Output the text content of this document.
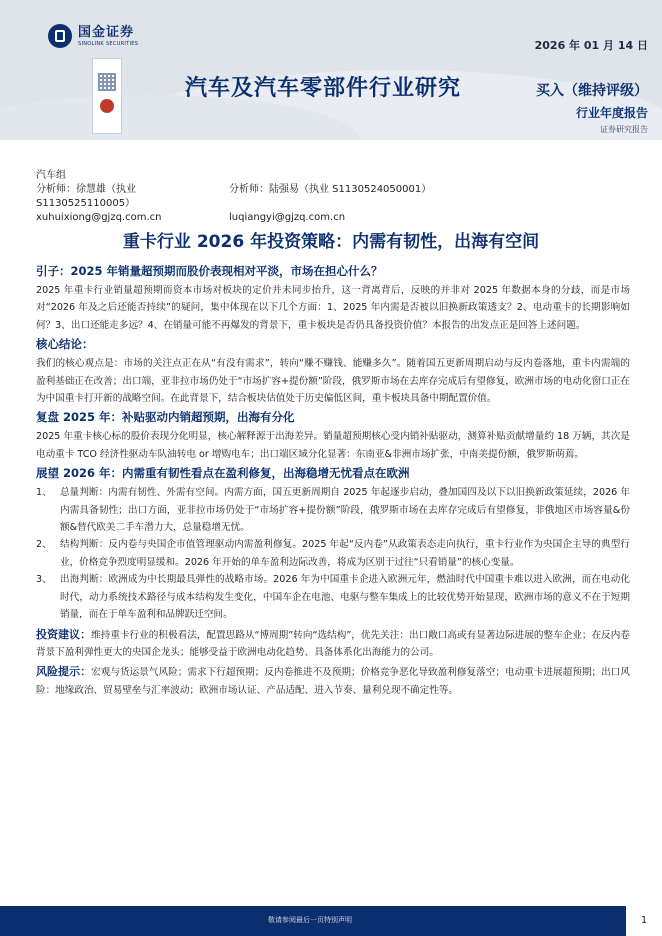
国金证券
SINOLINK SECURITIES
汽车及汽车零部件行业研究
2026 年 01 月 14 日
买入（维持评级）
行业年度报告
证券研究报告
汽车组
分析师：徐慧雄（执业 S1130525110005）
分析师：陆强易（执业 S1130524050001）
xuhuixiong@gjzq.com.cn	luqiangyi@gjzq.com.cn
重卡行业 2026 年投资策略：内需有韧性，出海有空间
引子：2025 年销量超预期而股价表现相对平淡，市场在担心什么？
2025 年重卡行业销量超预期而资本市场对板块的定价并未同步抬升，这一背离背后，反映的并非对 2025 年数据本身的分歧，而是市场对“2026 年及之后还能否持续”的疑问，集中体现在以下几个方面：1、2025 年内需是否被以旧换新政策透支？2、电动重卡的长期影响如何？3、出口还能走多远？4、在销量可能不再爆发的背景下，重卡板块是否仍具备投资价值？本报告的出发点正是回答上述问题。
核心结论：
我们的核心观点是：市场的关注点正在从“有没有需求”，转向“赚不赚钱、能赚多久”。随着国五更新周期启动与反内卷落地，重卡内需端的盈利基础正在改善；出口端，亚非拉市场仍处于“市场扩容+提份额”阶段，俄罗斯市场在去库存完成后有望修复，欧洲市场的电动化窗口正在为中国重卡打开新的战略空间。在此背景下，结合板块估值处于历史偏低区间，重卡板块具备中期配置价值。
复盘 2025 年：补贴驱动内销超预期，出海有分化
2025 年重卡核心标的股价表现分化明显，核心解释源于出海差异。销量超预期核心受内销补贴驱动，测算补贴贡献增量约 18 万辆，其次是电动重卡 TCO 经济性驱动车队油转电 or 增购电车；出口端区域分化显著：东南亚&非洲市场扩张，中南美提份额，俄罗斯萌蔫。
展望 2026 年：内需重有韧性看点在盈利修复，出海稳增无忧看点在欧洲
1、 总量判断：内需有韧性、外需有空间。内需方面，国五更新周期自 2025 年起逐步启动，叠加国四及以下以旧换新政策延续，2026 年内需具备韧性；出口方面，亚非拉市场仍处于“市场扩容+提份额”阶段，俄罗斯市场在去库存完成后有望修复，非俄地区市场容量&份额&替代欧美二手车潜力大，总量稳增无忧。
2、 结构判断：反内卷与央国企市值管理驱动内需盈利修复。2025 年起“反内卷”从政策表态走向执行，重卡行业作为央国企主导的典型行业，价格竞争烈度明显缓和。2026 年开始的单车盈利边际改善，将成为区别于过往“只看销量”的核心变量。
3、 出海判断：欧洲成为中长期最具弹性的战略市场。2026 年为中国重卡企进入欧洲元年，燃油时代中国重卡难以进入欧洲，而在电动化时代，动力系统技术路径与成本结构发生变化，中国车企在电池、电驱与整车集成上的比较优势开始显现，欧洲市场的意义不在于短期销量，而在于单车盈利和品牌跃迁空间。
投资建议：维持重卡行业的积极看法，配置思路从“博周期”转向“选结构”，优先关注：出口敞口高或有显著边际进展的整车企业；在反内卷背景下盈利弹性更大的央国企龙头；能够受益于欧洲电动化趋势、具备体系化出海能力的公司。
风险提示：宏观与货运景气风险；需求下行超预期；反内卷推进不及预期；价格竞争恶化导致盈利修复落空；电动重卡进展超预期；出口风险：地缘政治、贸易壁垒与汇率波动；欧洲市场认证、产品适配、进入节奏、量利兑现不确定性等。
敬请参阅最后一页特别声明	1
